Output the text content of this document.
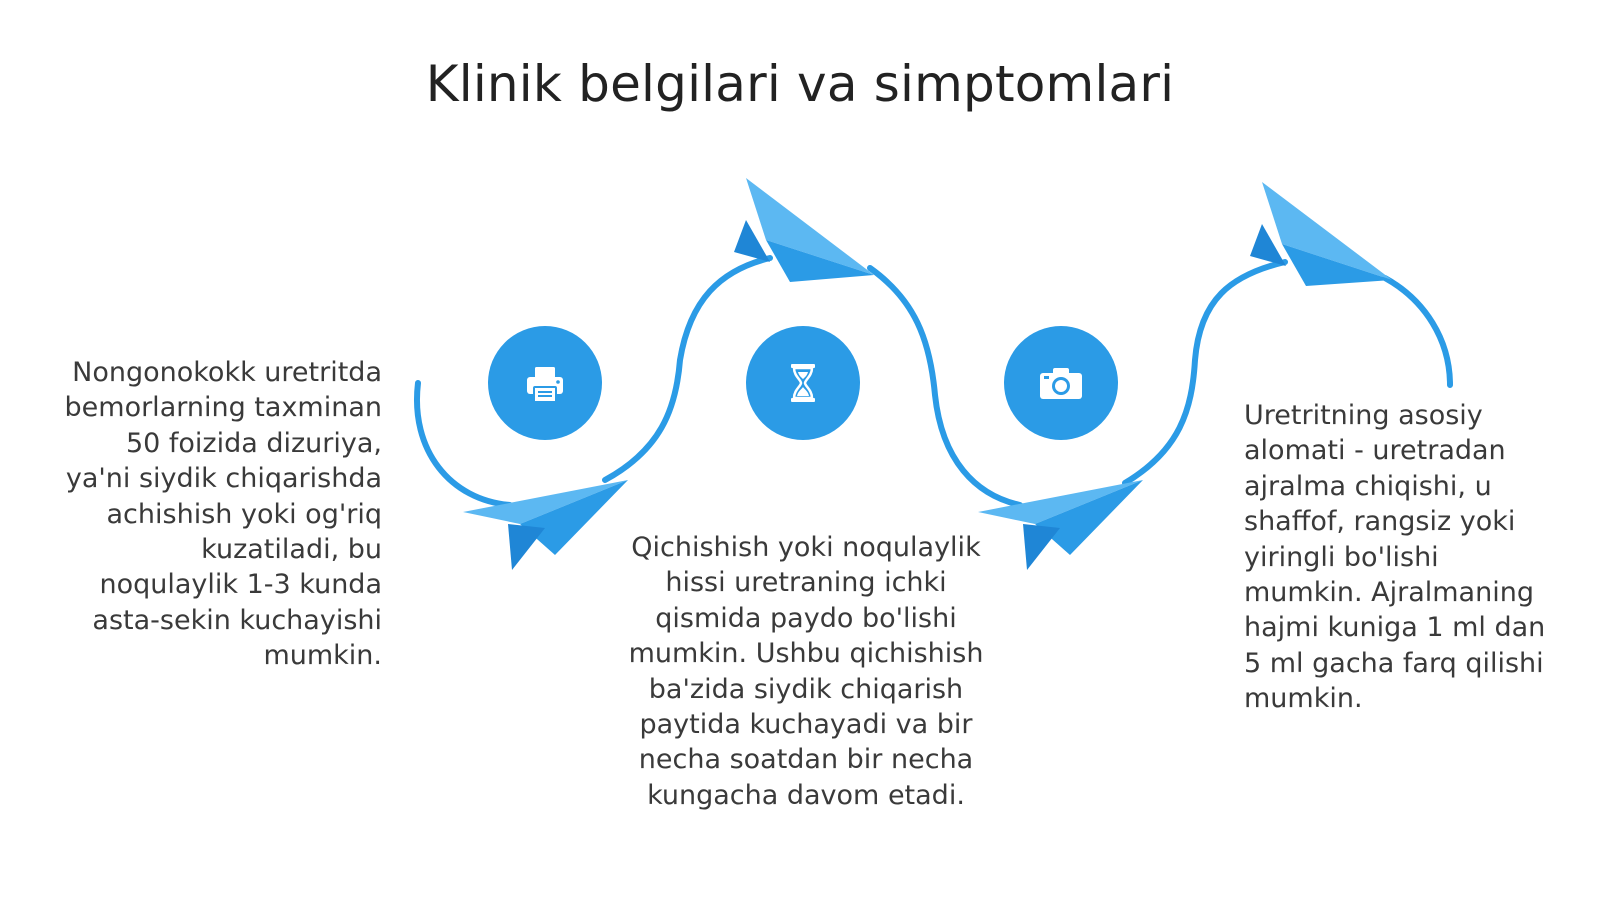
Klinik belgilari va simptomlari

Nongonokokk uretritda bemorlarning taxminan 50 foizida dizuriya, ya'ni siydik chiqarishda achishish yoki og'riq kuzatiladi, bu noqulaylik 1-3 kunda asta-sekin kuchayishi mumkin.

Qichishish yoki noqulaylik hissi uretraning ichki qismida paydo bo'lishi mumkin. Ushbu qichishish ba'zida siydik chiqarish paytida kuchayadi va bir necha soatdan bir necha kungacha davom etadi.

Uretritning asosiy alomati - uretradan ajralma chiqishi, u shaffof, rangsiz yoki yiringli bo'lishi mumkin. Ajralmaning hajmi kuniga 1 ml dan 5 ml gacha farq qilishi mumkin.
